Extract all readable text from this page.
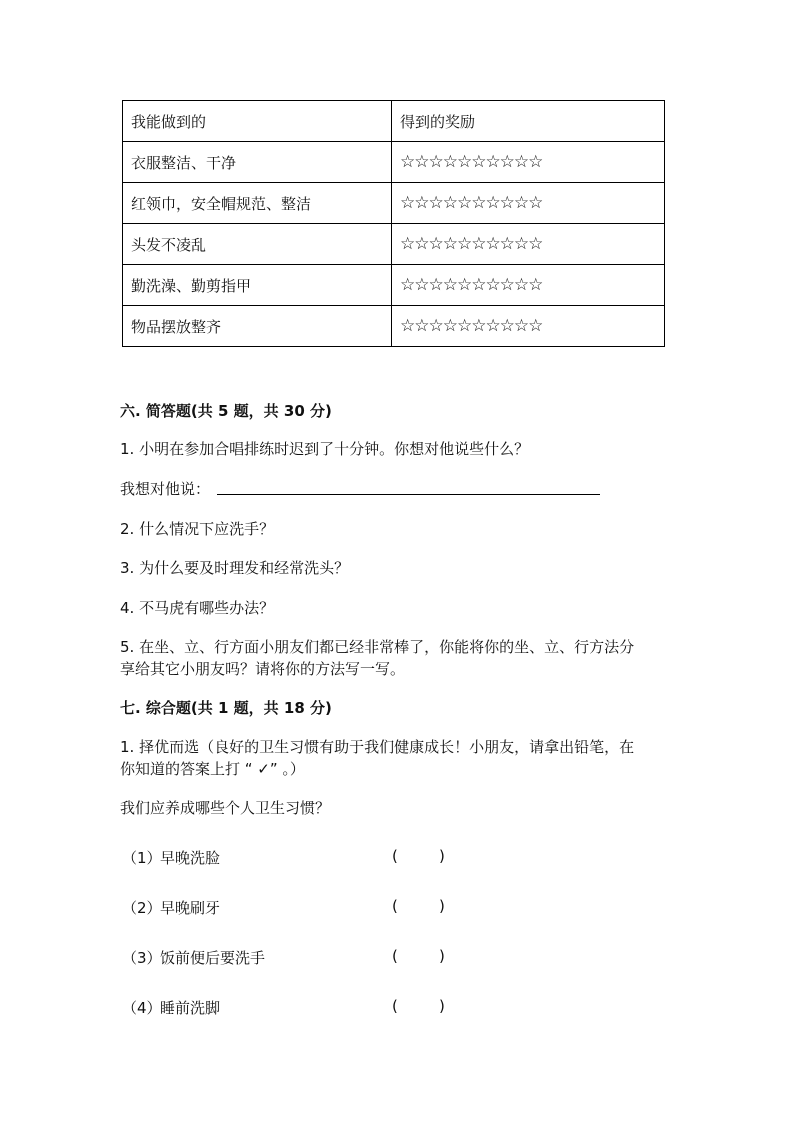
我能做到的	得到的奖励
衣服整洁、干净	☆☆☆☆☆☆☆☆☆☆
红领巾，安全帽规范、整洁	☆☆☆☆☆☆☆☆☆☆
头发不凌乱	☆☆☆☆☆☆☆☆☆☆
勤洗澡、勤剪指甲	☆☆☆☆☆☆☆☆☆☆
物品摆放整齐	☆☆☆☆☆☆☆☆☆☆
六. 简答题(共 5 题，共 30 分)
1. 小明在参加合唱排练时迟到了十分钟。你想对他说些什么？
我想对他说：
2. 什么情况下应洗手？
3. 为什么要及时理发和经常洗头？
4. 不马虎有哪些办法？
5. 在坐、立、行方面小朋友们都已经非常棒了，你能将你的坐、立、行方法分
享给其它小朋友吗？请将你的方法写一写。
七. 综合题(共 1 题，共 18 分)
1. 择优而选（良好的卫生习惯有助于我们健康成长！小朋友，请拿出铅笔，在
你知道的答案上打 “ ✓” 。）
我们应养成哪些个人卫生习惯？
（1）
早晚洗脸	(	)
（2）
早晚刷牙	(	)
（3）
饭前便后要洗手	(	)
（4）
睡前洗脚	(	)
